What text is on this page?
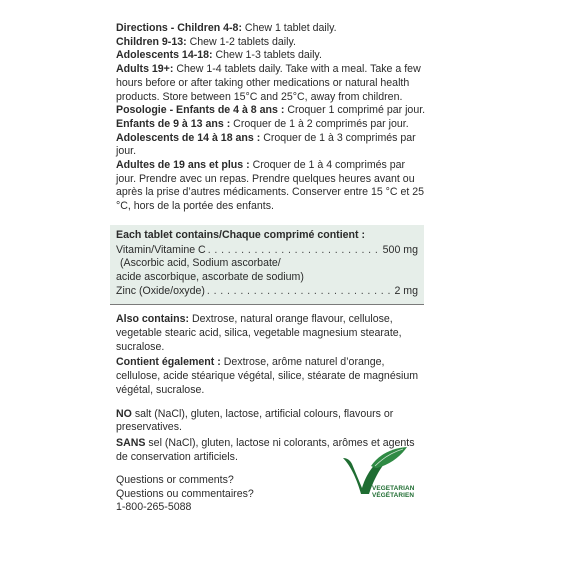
Directions - Children 4-8: Chew 1 tablet daily.
Children 9-13: Chew 1-2 tablets daily.
Adolescents 14-18: Chew 1-3 tablets daily.
Adults 19+: Chew 1-4 tablets daily. Take with a meal. Take a few hours before or after taking other medications or natural health products. Store between 15°C and 25°C, away from children.

Posologie - Enfants de 4 à 8 ans : Croquer 1 comprimé par jour.
Enfants de 9 à 13 ans : Croquer de 1 à 2 comprimés par jour.
Adolescents de 14 à 18 ans : Croquer de 1 à 3 comprimés par jour.
Adultes de 19 ans et plus : Croquer de 1 à 4 comprimés par jour. Prendre avec un repas. Prendre quelques heures avant ou après la prise d’autres médicaments. Conserver entre 15 °C et 25 °C, hors de la portée des enfants.

Each tablet contains/Chaque comprimé contient :
Vitamin/Vitamine C . . .	500 mg
(Ascorbic acid, Sodium ascorbate/
acide ascorbique, ascorbate de sodium)
Zinc (Oxide/oxyde) . . .	2 mg

Also contains: Dextrose, natural orange flavour, cellulose, vegetable stearic acid, silica, vegetable magnesium stearate, sucralose.

Contient également : Dextrose, arôme naturel d’orange, cellulose, acide stéarique végétal, silice, stéarate de magnésium végétal, sucralose.

NO salt (NaCl), gluten, lactose, artificial colours, flavours or preservatives.

SANS sel (NaCl), gluten, lactose ni colorants, arômes et agents de conservation artificiels.

Questions or comments?
Questions ou commentaires?
1-800-265-5088

VEGETARIAN
VÉGÉTARIEN
